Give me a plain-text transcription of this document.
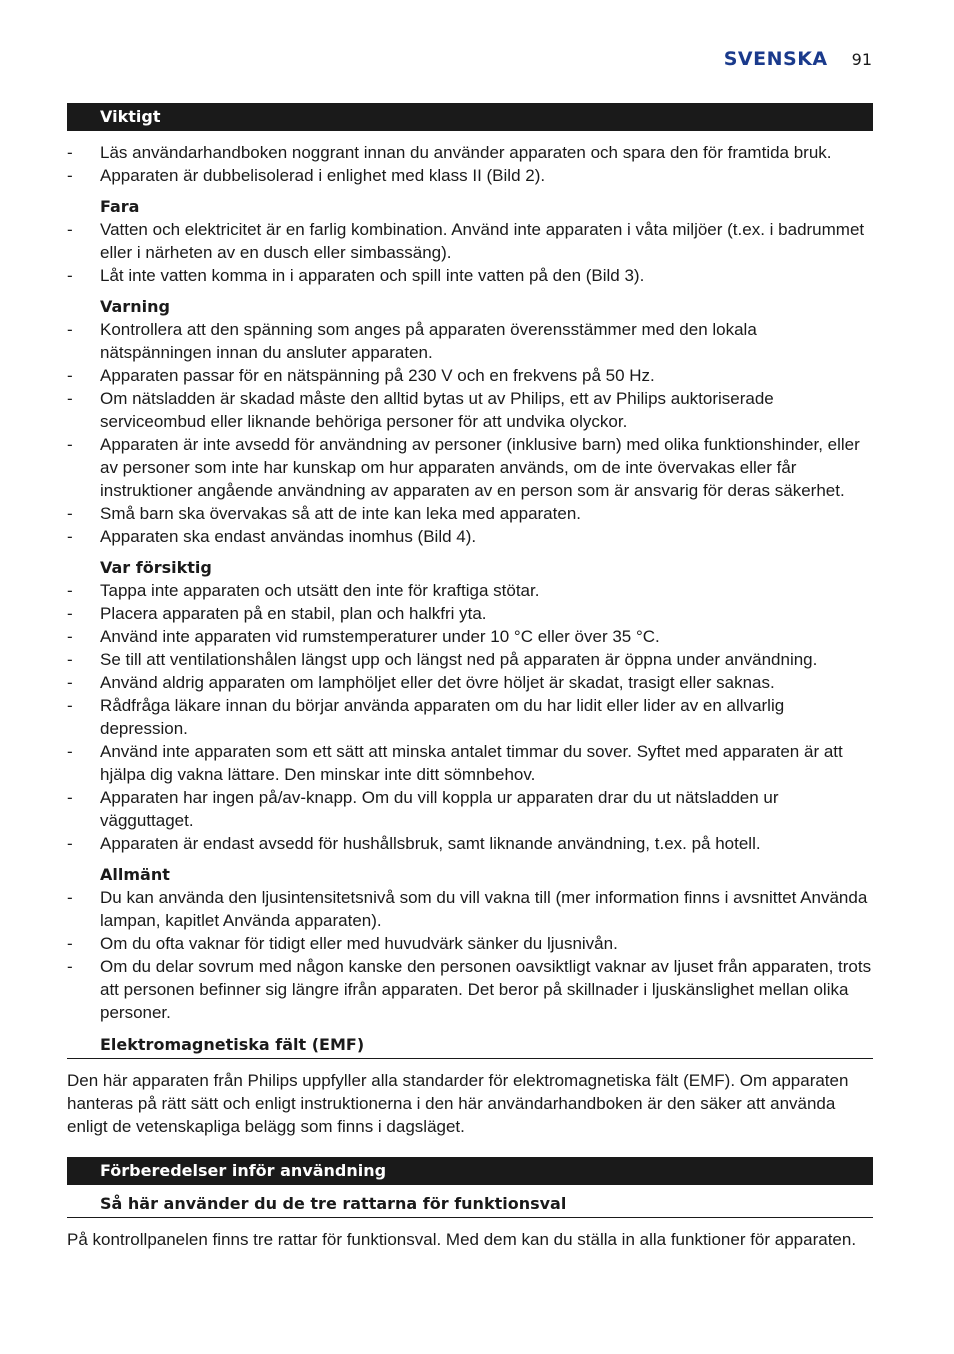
SVENSKA 91
Viktigt
- Läs användarhandboken noggrant innan du använder apparaten och spara den för framtida bruk.
- Apparaten är dubbelisolerad i enlighet med klass II (Bild 2).
Fara
- Vatten och elektricitet är en farlig kombination. Använd inte apparaten i våta miljöer (t.ex. i badrummet eller i närheten av en dusch eller simbassäng).
- Låt inte vatten komma in i apparaten och spill inte vatten på den (Bild 3).
Varning
- Kontrollera att den spänning som anges på apparaten överensstämmer med den lokala nätspänningen innan du ansluter apparaten.
- Apparaten passar för en nätspänning på 230 V och en frekvens på 50 Hz.
- Om nätsladden är skadad måste den alltid bytas ut av Philips, ett av Philips auktoriserade serviceombud eller liknande behöriga personer för att undvika olyckor.
- Apparaten är inte avsedd för användning av personer (inklusive barn) med olika funktionshinder, eller av personer som inte har kunskap om hur apparaten används, om de inte övervakas eller får instruktioner angående användning av apparaten av en person som är ansvarig för deras säkerhet.
- Små barn ska övervakas så att de inte kan leka med apparaten.
- Apparaten ska endast användas inomhus (Bild 4).
Var försiktig
- Tappa inte apparaten och utsätt den inte för kraftiga stötar.
- Placera apparaten på en stabil, plan och halkfri yta.
- Använd inte apparaten vid rumstemperaturer under 10 °C eller över 35 °C.
- Se till att ventilationshålen längst upp och längst ned på apparaten är öppna under användning.
- Använd aldrig apparaten om lamphöljet eller det övre höljet är skadat, trasigt eller saknas.
- Rådfråga läkare innan du börjar använda apparaten om du har lidit eller lider av en allvarlig depression.
- Använd inte apparaten som ett sätt att minska antalet timmar du sover. Syftet med apparaten är att hjälpa dig vakna lättare. Den minskar inte ditt sömnbehov.
- Apparaten har ingen på/av-knapp. Om du vill koppla ur apparaten drar du ut nätsladden ur vägguttaget.
- Apparaten är endast avsedd för hushållsbruk, samt liknande användning, t.ex. på hotell.
Allmänt
- Du kan använda den ljusintensitetsnivå som du vill vakna till (mer information finns i avsnittet Använda lampan, kapitlet Använda apparaten).
- Om du ofta vaknar för tidigt eller med huvudvärk sänker du ljusnivån.
- Om du delar sovrum med någon kanske den personen oavsiktligt vaknar av ljuset från apparaten, trots att personen befinner sig längre ifrån apparaten. Det beror på skillnader i ljuskänslighet mellan olika personer.
Elektromagnetiska fält (EMF)

Den här apparaten från Philips uppfyller alla standarder för elektromagnetiska fält (EMF). Om apparaten hanteras på rätt sätt och enligt instruktionerna i den här användarhandboken är den säker att använda enligt de vetenskapliga belägg som finns i dagsläget.

Förberedelser inför användning
Så här använder du de tre rattarna för funktionsval

På kontrollpanelen finns tre rattar för funktionsval. Med dem kan du ställa in alla funktioner för apparaten.
